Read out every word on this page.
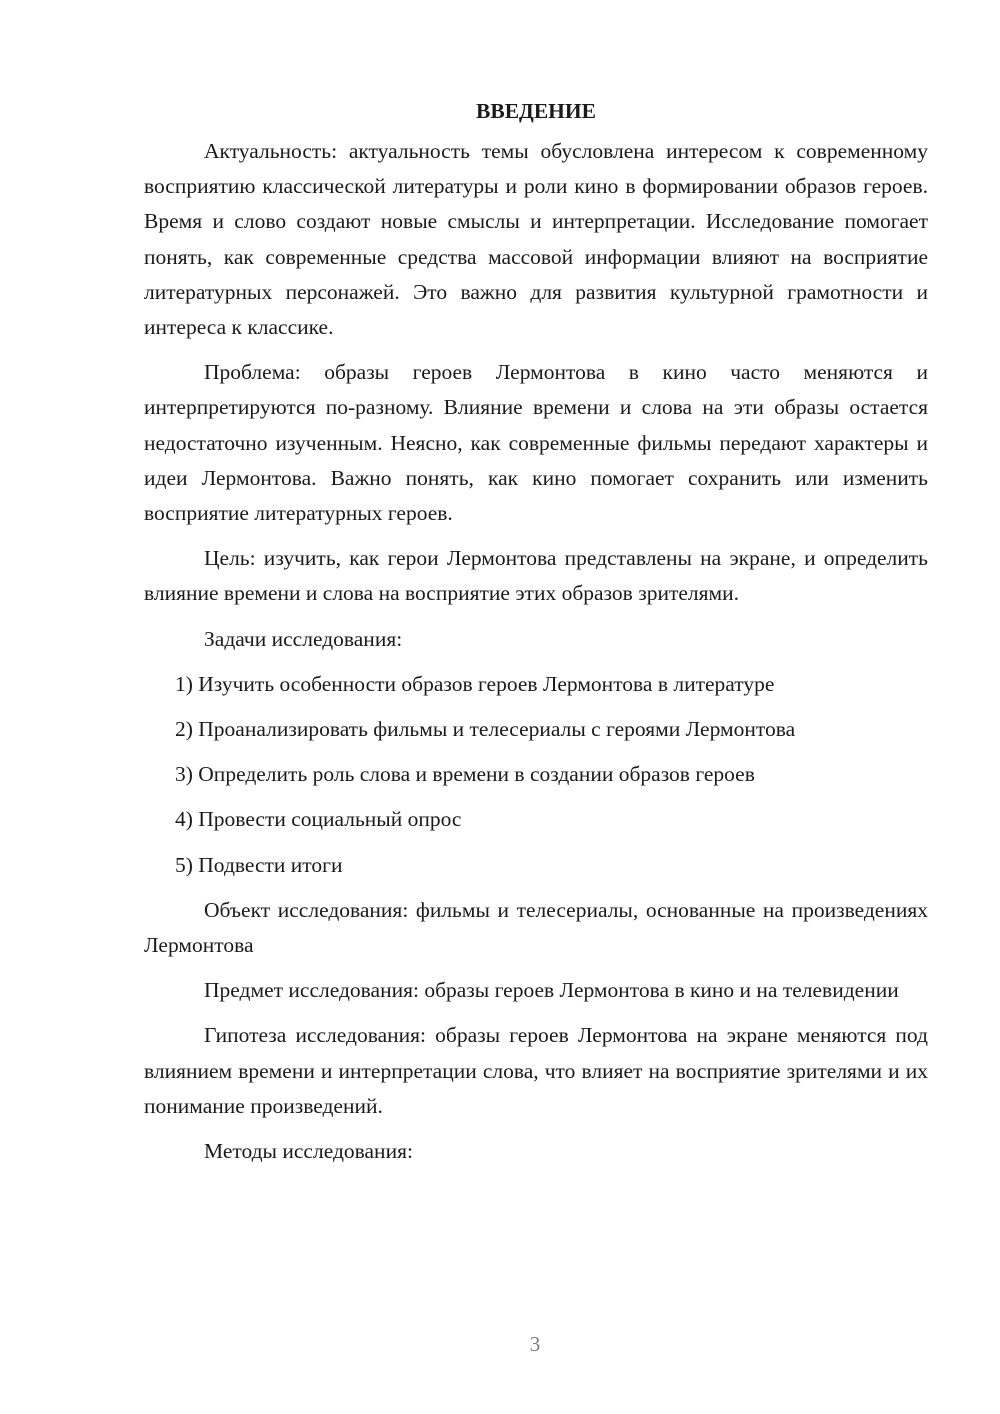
ВВЕДЕНИЕ

Актуальность: актуальность темы обусловлена интересом к современному восприятию классической литературы и роли кино в формировании образов героев. Время и слово создают новые смыслы и интерпретации. Исследование помогает понять, как современные средства массовой информации влияют на восприятие литературных персонажей. Это важно для развития культурной грамотности и интереса к классике.

Проблема: образы героев Лермонтова в кино часто меняются и интерпретируются по-разному. Влияние времени и слова на эти образы остается недостаточно изученным. Неясно, как современные фильмы передают характеры и идеи Лермонтова. Важно понять, как кино помогает сохранить или изменить восприятие литературных героев.

Цель: изучить, как герои Лермонтова представлены на экране, и определить влияние времени и слова на восприятие этих образов зрителями.

Задачи исследования:

1) Изучить особенности образов героев Лермонтова в литературе
2) Проанализировать фильмы и телесериалы с героями Лермонтова
3) Определить роль слова и времени в создании образов героев
4) Провести социальный опрос
5) Подвести итоги

Объект исследования: фильмы и телесериалы, основанные на произведениях Лермонтова

Предмет исследования: образы героев Лермонтова в кино и на телевидении

Гипотеза исследования: образы героев Лермонтова на экране меняются под влиянием времени и интерпретации слова, что влияет на восприятие зрителями и их понимание произведений.

Методы исследования:

3
